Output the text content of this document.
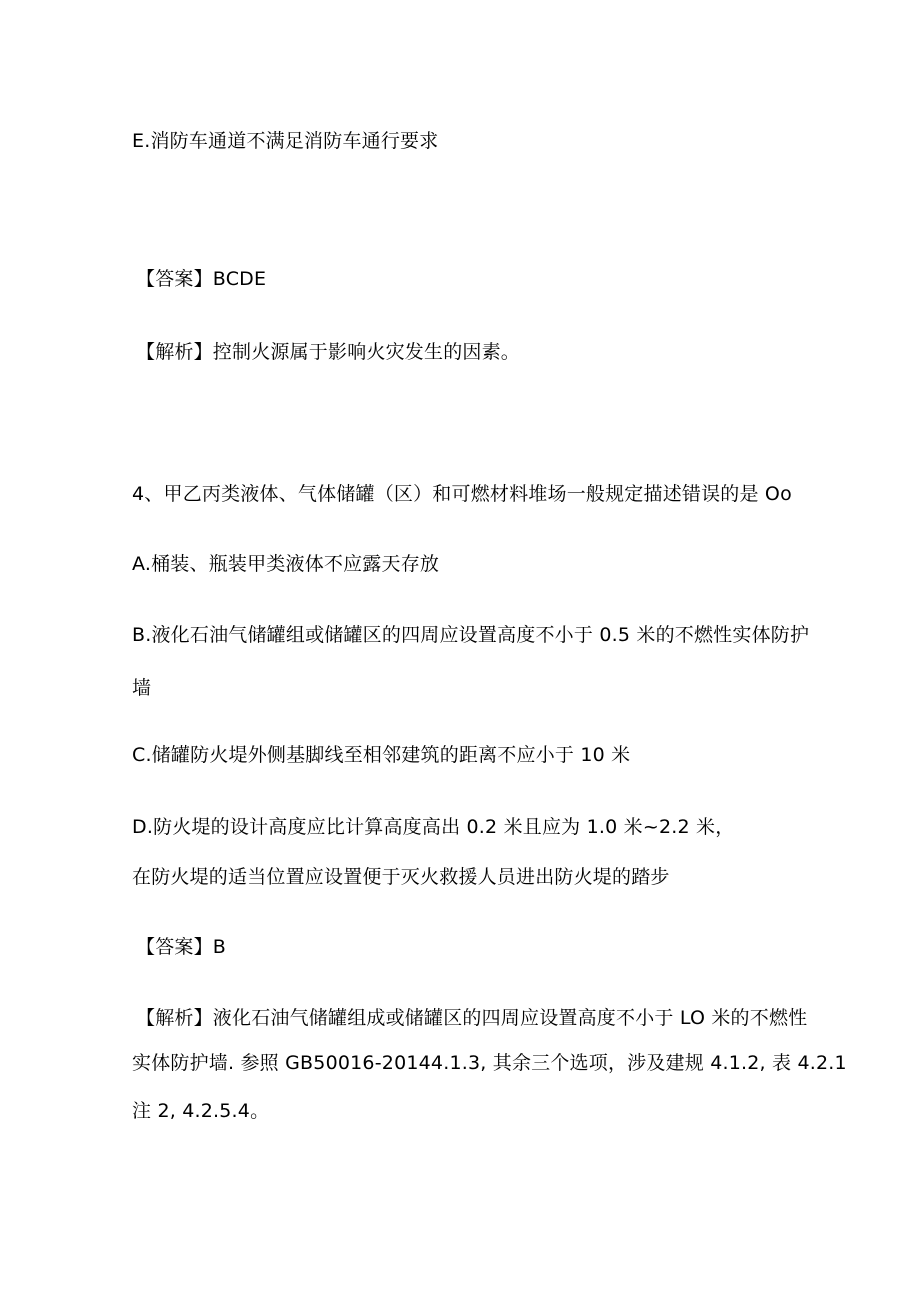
E.消防车通道不满足消防车通行要求
【答案】BCDE
【解析】控制火源属于影响火灾发生的因素。
4、甲乙丙类液体、气体储罐（区）和可燃材料堆场一般规定描述错误的是 Oo
A.桶装、瓶装甲类液体不应露天存放
B.液化石油气储罐组或储罐区的四周应设置高度不小于 0.5 米的不燃性实体防护
墙
C.储罐防火堤外侧基脚线至相邻建筑的距离不应小于 10 米
D.防火堤的设计高度应比计算高度高出 0.2 米且应为 1.0 米~2.2 米，
在防火堤的适当位置应设置便于灭火救援人员进出防火堤的踏步
【答案】B
【解析】液化石油气储罐组成或储罐区的四周应设置高度不小于 LO 米的不燃性
实体防护墙. 参照 GB50016-20144.1.3, 其余三个选项，涉及建规 4.1.2, 表 4.2.1
注 2, 4.2.5.4。
